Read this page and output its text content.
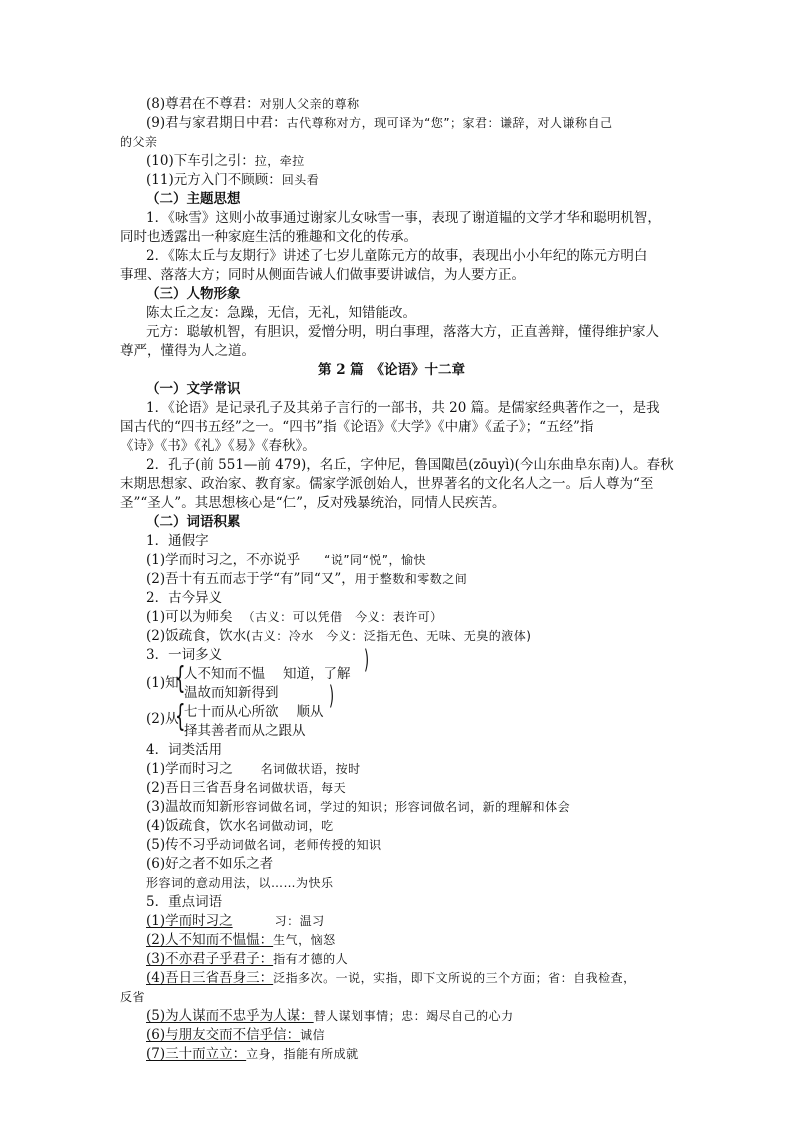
(8)尊君在不尊君：对别人父亲的尊称
(9)君与家君期日中君：古代尊称对方，现可译为“您”；家君：谦辞，对人谦称自己
的父亲
(10)下车引之引：拉，牵拉
(11)元方入门不顾顾：回头看
（二）主题思想
1．《咏雪》这则小故事通过谢家儿女咏雪一事，表现了谢道韫的文学才华和聪明机智，
同时也透露出一种家庭生活的雅趣和文化的传承。
2．《陈太丘与友期行》讲述了七岁儿童陈元方的故事，表现出小小年纪的陈元方明白
事理、落落大方；同时从侧面告诫人们做事要讲诚信，为人要方正。
（三）人物形象
陈太丘之友：急躁，无信，无礼，知错能改。
元方：聪敏机智，有胆识，爱憎分明，明白事理，落落大方，正直善辩，懂得维护家人
尊严，懂得为人之道。
第 2 篇　《论语》十二章
（一）文学常识
1．《论语》是记录孔子及其弟子言行的一部书，共 20 篇。是儒家经典著作之一，是我
国古代的“四书五经”之一。“四书”指《论语》《大学》《中庸》《孟子》；“五经”指
《诗》《书》《礼》《易》《春秋》。
2．孔子(前 551—前 479)，名丘，字仲尼，鲁国陬邑(zōuyì)(今山东曲阜东南)人。春秋
末期思想家、政治家、教育家。儒家学派创始人，世界著名的文化名人之一。后人尊为“至
圣”“圣人”。其思想核心是“仁”，反对残暴统治，同情人民疾苦。
（二）词语积累
1．通假字
(1)学而时习之，不亦说乎 “说”同“悦”，愉快
(2)吾十有五而志于学“有”同“又”，用于整数和零数之间
2．古今异义
(1)可以为师矣 （古义：可以凭借　今义：表许可）
(2)饭疏食，饮水(古义：冷水　今义：泛指无色、无味、无臭的液体)
3．一词多义
(1)知
{
)
人不知而不愠 知道，了解
温故而知新得到
(2)从
{
)
七十而从心所欲 顺从
择其善者而从之跟从
4．词类活用
(1)学而时习之 名词做状语，按时
(2)吾日三省吾身名词做状语，每天
(3)温故而知新形容词做名词，学过的知识；形容词做名词，新的理解和体会
(4)饭疏食，饮水名词做动词，吃
(5)传不习乎动词做名词，老师传授的知识
(6)好之者不如乐之者
形容词的意动用法，以……为快乐
5．重点词语
(1)学而时习之	习：温习
(2)人不知而不愠愠：生气，恼怒
(3)不亦君子乎君子：指有才德的人
(4)吾日三省吾身三：泛指多次。一说，实指，即下文所说的三个方面；省：自我检查，
反省
(5)为人谋而不忠乎为人谋：替人谋划事情；忠：竭尽自己的心力
(6)与朋友交而不信乎信：诚信
(7)三十而立立：立身，指能有所成就
